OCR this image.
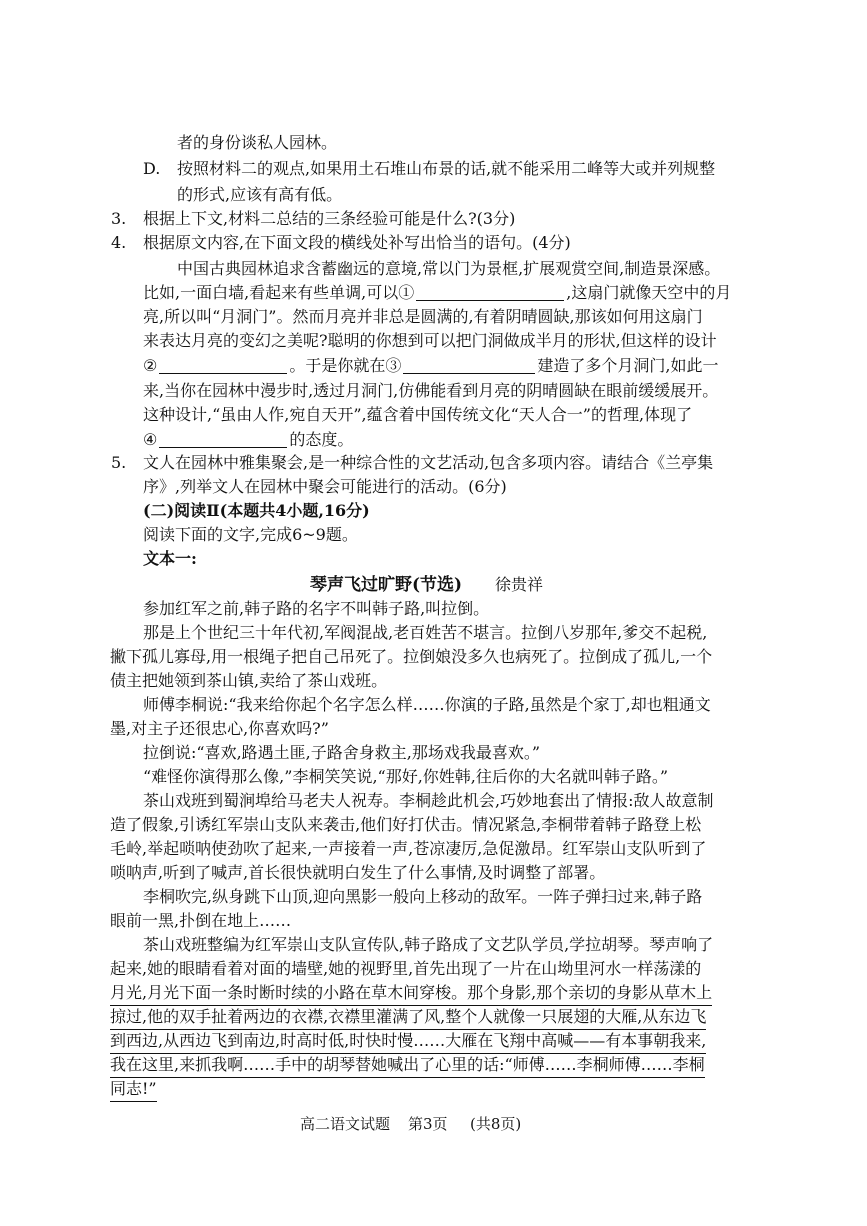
者的身份谈私人园林。
D. 按照材料二的观点,如果用土石堆山布景的话,就不能采用二峰等大或并列规整
的形式,应该有高有低。
3. 根据上下文,材料二总结的三条经验可能是什么?(3分)
4. 根据原文内容,在下面文段的横线处补写出恰当的语句。(4分)
中国古典园林追求含蓄幽远的意境,常以门为景框,扩展观赏空间,制造景深感。
比如,一面白墙,看起来有些单调,可以①	,这扇门就像天空中的月
亮,所以叫“月洞门”。然而月亮并非总是圆满的,有着阴晴圆缺,那该如何用这扇门
来表达月亮的变幻之美呢?聪明的你想到可以把门洞做成半月的形状,但这样的设计
②	。于是你就在③	建造了多个月洞门,如此一
来,当你在园林中漫步时,透过月洞门,仿佛能看到月亮的阴晴圆缺在眼前缓缓展开。
这种设计,“虽由人作,宛自天开”,蕴含着中国传统文化“天人合一”的哲理,体现了
④	的态度。
5. 文人在园林中雅集聚会,是一种综合性的文艺活动,包含多项内容。请结合《兰亭集
序》,列举文人在园林中聚会可能进行的活动。(6分)
(二)阅读Ⅱ(本题共4小题,16分)
阅读下面的文字,完成6~9题。
文本一:
琴声飞过旷野(节选) 徐贵祥
参加红军之前,韩子路的名字不叫韩子路,叫拉倒。
那是上个世纪三十年代初,军阀混战,老百姓苦不堪言。拉倒八岁那年,爹交不起税,
撇下孤儿寡母,用一根绳子把自己吊死了。拉倒娘没多久也病死了。拉倒成了孤儿,一个
债主把她领到茶山镇,卖给了茶山戏班。
师傅李桐说:“我来给你起个名字怎么样……你演的子路,虽然是个家丁,却也粗通文
墨,对主子还很忠心,你喜欢吗?”
拉倒说:“喜欢,路遇土匪,子路舍身救主,那场戏我最喜欢。”
“难怪你演得那么像,”李桐笑笑说,“那好,你姓韩,往后你的大名就叫韩子路。”
茶山戏班到蜀涧埠给马老夫人祝寿。李桐趁此机会,巧妙地套出了情报:敌人故意制
造了假象,引诱红军崇山支队来袭击,他们好打伏击。情况紧急,李桐带着韩子路登上松
毛岭,举起唢呐使劲吹了起来,一声接着一声,苍凉凄厉,急促激昂。红军崇山支队听到了
唢呐声,听到了喊声,首长很快就明白发生了什么事情,及时调整了部署。
李桐吹完,纵身跳下山顶,迎向黑影一般向上移动的敌军。一阵子弹扫过来,韩子路
眼前一黑,扑倒在地上……
茶山戏班整编为红军崇山支队宣传队,韩子路成了文艺队学员,学拉胡琴。琴声响了
起来,她的眼睛看着对面的墙壁,她的视野里,首先出现了一片在山坳里河水一样荡漾的
月光,月光下面一条时断时续的小路在草木间穿梭。那个身影,那个亲切的身影从草木上
掠过,他的双手扯着两边的衣襟,衣襟里灌满了风,整个人就像一只展翅的大雁,从东边飞
到西边,从西边飞到南边,时高时低,时快时慢……大雁在飞翔中高喊——有本事朝我来,
我在这里,来抓我啊……手中的胡琴替她喊出了心里的话:“师傅……李桐师傅……李桐
同志!”
高二语文试题 第3页 (共8页)
